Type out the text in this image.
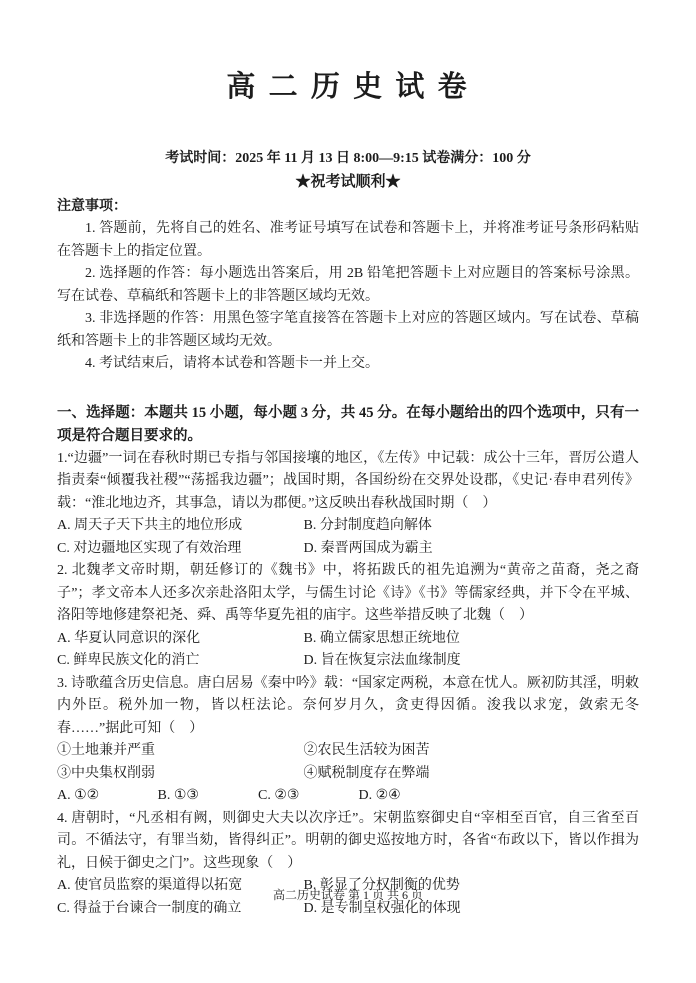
高 二 历 史 试 卷
考试时间：2025 年 11 月 13 日 8:00—9:15 试卷满分：100 分
★祝考试顺利★
注意事项：

1. 答题前，先将自己的姓名、准考证号填写在试卷和答题卡上，并将准考证号条形码粘贴在答题卡上的指定位置。

2. 选择题的作答：每小题选出答案后，用 2B 铅笔把答题卡上对应题目的答案标号涂黑。写在试卷、草稿纸和答题卡上的非答题区域均无效。

3. 非选择题的作答：用黑色签字笔直接答在答题卡上对应的答题区域内。写在试卷、草稿纸和答题卡上的非答题区域均无效。

4. 考试结束后，请将本试卷和答题卡一并上交。

一、选择题：本题共 15 小题，每小题 3 分，共 45 分。在每小题给出的四个选项中，只有一项是符合题目要求的。

1.“边疆”一词在春秋时期已专指与邻国接壤的地区，《左传》中记载：成公十三年，晋厉公遣人指责秦“倾覆我社稷”“荡摇我边疆”；战国时期，各国纷纷在交界处设郡，《史记·春申君列传》载：“淮北地边齐，其事急，请以为郡便。”这反映出春秋战国时期（　）

A. 周天子天下共主的地位形成	B. 分封制度趋向解体
C. 对边疆地区实现了有效治理	D. 秦晋两国成为霸主

2. 北魏孝文帝时期，朝廷修订的《魏书》中，将拓跋氏的祖先追溯为“黄帝之苗裔，尧之裔子”；孝文帝本人还多次亲赴洛阳太学，与儒生讨论《诗》《书》等儒家经典，并下令在平城、洛阳等地修建祭祀尧、舜、禹等华夏先祖的庙宇。这些举措反映了北魏（　）

A. 华夏认同意识的深化	B. 确立儒家思想正统地位
C. 鲜卑民族文化的消亡	D. 旨在恢复宗法血缘制度

3. 诗歌蕴含历史信息。唐白居易《秦中吟》载：“国家定两税，本意在忧人。厥初防其淫，明敕内外臣。税外加一物，皆以枉法论。奈何岁月久，贪吏得因循。浚我以求宠，敛索无冬春……”据此可知（　）

①土地兼并严重	②农民生活较为困苦
③中央集权削弱	④赋税制度存在弊端
A. ①②	B. ①③	C. ②③	D. ②④

4. 唐朝时，“凡丞相有阙，则御史大夫以次序迁”。宋朝监察御史自“宰相至百官，自三省至百司。不循法守，有罪当劾，皆得纠正”。明朝的御史巡按地方时，各省“布政以下，皆以作揖为礼，日候于御史之门”。这些现象（　）

A. 使官员监察的渠道得以拓宽	B. 彰显了分权制衡的优势
C. 得益于台谏合一制度的确立	D. 是专制皇权强化的体现
高二历史试卷 第 1 页 共 6 页
